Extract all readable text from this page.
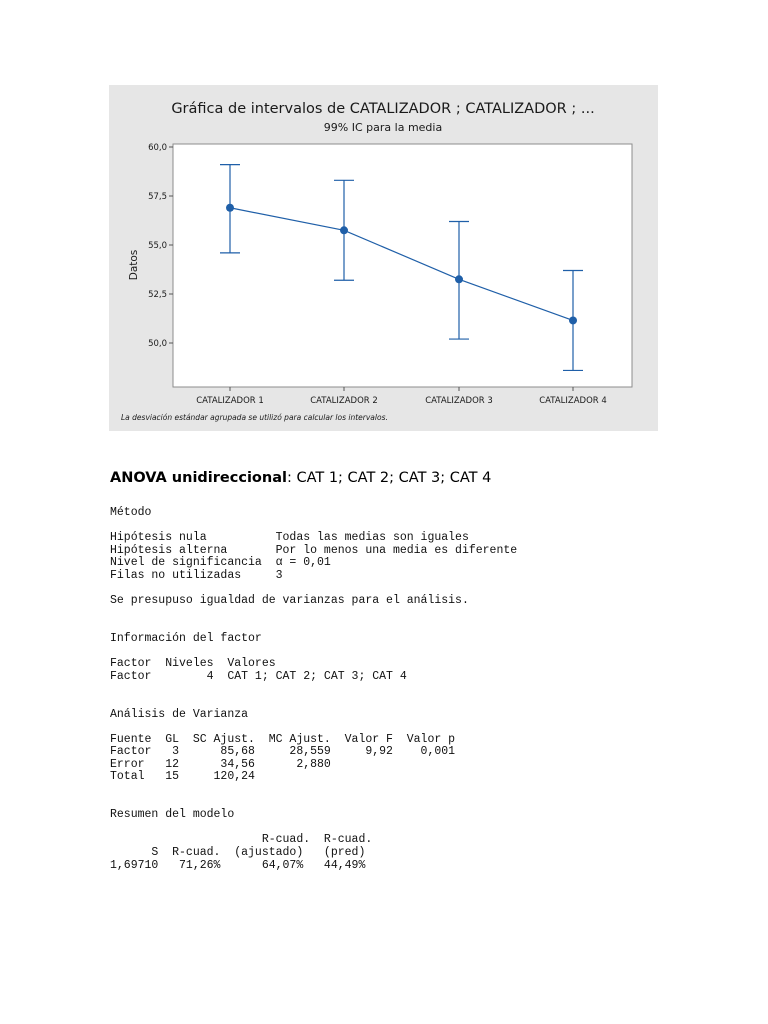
Gráfica de intervalos de CATALIZADOR ; CATALIZADOR ; ...
99% IC para la media
60,0
57,5
55,0
52,5
50,0
Datos
CATALIZADOR 1	CATALIZADOR 2	CATALIZADOR 3	CATALIZADOR 4
La desviación estándar agrupada se utilizó para calcular los intervalos.
ANOVA unidireccional: CAT 1; CAT 2; CAT 3; CAT 4
Método
Hipótesis nula          Todas las medias son iguales
Hipótesis alterna       Por lo menos una media es diferente
Nivel de significancia  α = 0,01
Filas no utilizadas     3
Se presupuso igualdad de varianzas para el análisis.
Información del factor
Factor  Niveles  Valores
Factor        4  CAT 1; CAT 2; CAT 3; CAT 4
Análisis de Varianza
Fuente  GL  SC Ajust.  MC Ajust.  Valor F  Valor p
Factor   3      85,68     28,559     9,92    0,001
Error   12      34,56      2,880
Total   15     120,24
Resumen del modelo
R-cuad.  R-cuad.
S  R-cuad.  (ajustado)   (pred)
1,69710   71,26%      64,07%   44,49%
